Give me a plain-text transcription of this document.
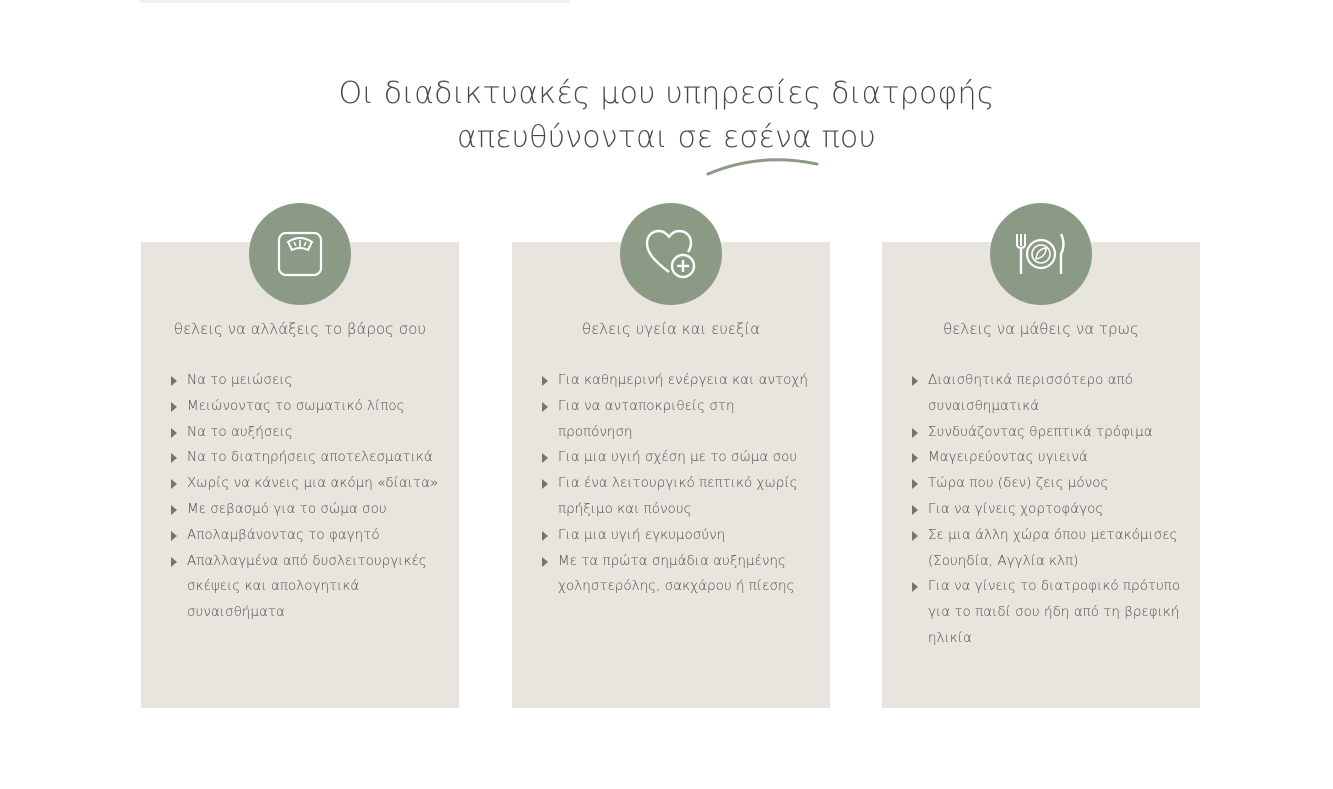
Οι διαδικτυακές μου υπηρεσίες διατροφής
απευθύνονται σε εσένα που
θελεις να αλλάξεις το βάρος σου
Να το μειώσεις
Μειώνοντας το σωματικό λίπος
Να το αυξήσεις
Να το διατηρήσεις αποτελεσματικά
Χωρίς να κάνεις μια ακόμη «δίαιτα»
Με σεβασμό για το σώμα σου
Απολαμβάνοντας το φαγητό
Απαλλαγμένα από δυσλειτουργικές σκέψεις και απολογητικά συναισθήματα
θελεις υγεία και ευεξία
Για καθημερινή ενέργεια και αντοχή
Για να ανταποκριθείς στη προπόνηση
Για μια υγιή σχέση με το σώμα σου
Για ένα λειτουργικό πεπτικό χωρίς πρήξιμο και πόνους
Για μια υγιή εγκυμοσύνη
Με τα πρώτα σημάδια αυξημένης χοληστερόλης, σακχάρου ή πίεσης
θελεις να μάθεις να τρως
Διαισθητικά περισσότερο από συναισθηματικά
Συνδυάζοντας θρεπτικά τρόφιμα
Μαγειρεύοντας υγιεινά
Τώρα που (δεν) ζεις μόνος
Για να γίνεις χορτοφάγος
Σε μια άλλη χώρα όπου μετακόμισες (Σουηδία, Αγγλία κλπ)
Για να γίνεις το διατροφικό πρότυπο για το παιδί σου ήδη από τη βρεφική ηλικία
